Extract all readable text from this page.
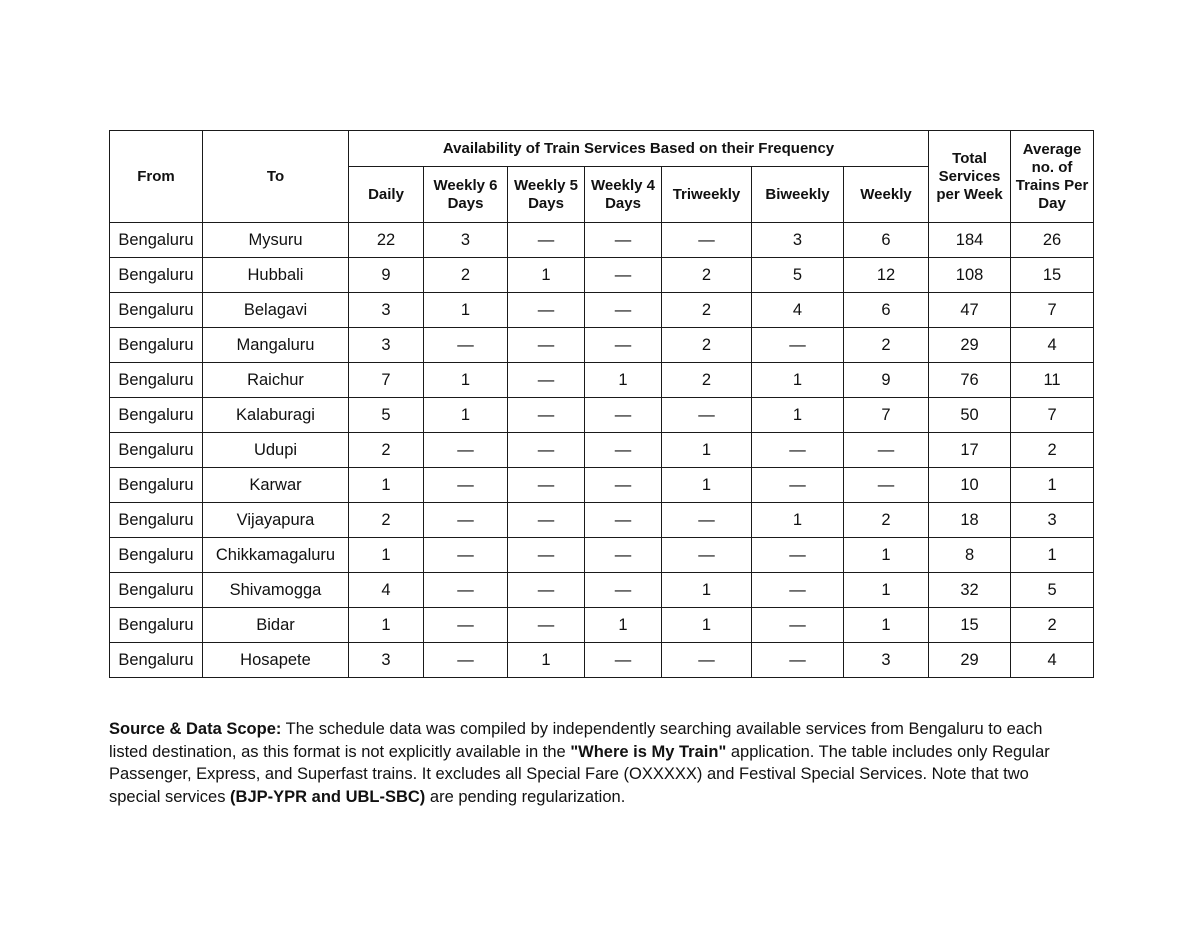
From	To	Availability of Train Services Based on their Frequency							Total Services per Week	Average no. of Trains Per Day
		Daily	Weekly 6 Days	Weekly 5 Days	Weekly 4 Days	Triweekly	Biweekly	Weekly		
Bengaluru	Mysuru	22	3	—	—	—	3	6	184	26
Bengaluru	Hubbali	9	2	1	—	2	5	12	108	15
Bengaluru	Belagavi	3	1	—	—	2	4	6	47	7
Bengaluru	Mangaluru	3	—	—	—	2	—	2	29	4
Bengaluru	Raichur	7	1	—	1	2	1	9	76	11
Bengaluru	Kalaburagi	5	1	—	—	—	1	7	50	7
Bengaluru	Udupi	2	—	—	—	1	—	—	17	2
Bengaluru	Karwar	1	—	—	—	1	—	—	10	1
Bengaluru	Vijayapura	2	—	—	—	—	1	2	18	3
Bengaluru	Chikkamagaluru	1	—	—	—	—	—	1	8	1
Bengaluru	Shivamogga	4	—	—	—	1	—	1	32	5
Bengaluru	Bidar	1	—	—	1	1	—	1	15	2
Bengaluru	Hosapete	3	—	1	—	—	—	3	29	4

Source & Data Scope: The schedule data was compiled by independently searching available services from Bengaluru to each listed destination, as this format is not explicitly available in the "Where is My Train" application. The table includes only Regular Passenger, Express, and Superfast trains. It excludes all Special Fare (OXXXXX) and Festival Special Services. Note that two special services (BJP-YPR and UBL-SBC) are pending regularization.
